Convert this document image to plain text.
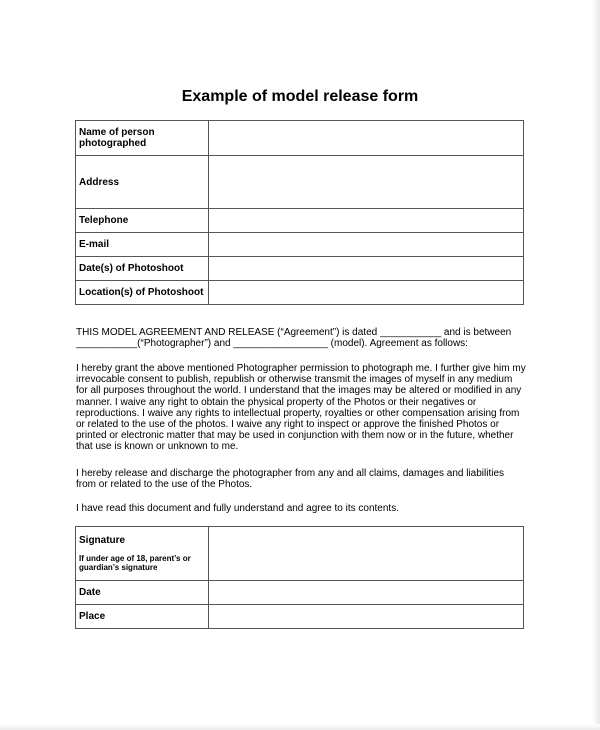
Example of model release form
Name of person photographed	
Address	
Telephone	
E-mail	
Date(s) of Photoshoot	
Location(s) of Photoshoot	

THIS MODEL AGREEMENT AND RELEASE (“Agreement”) is dated ___________ and is between ___________(“Photographer”) and _________________ (model). Agreement as follows:

I hereby grant the above mentioned Photographer permission to photograph me. I further give him my irrevocable consent to publish, republish or otherwise transmit the images of myself in any medium for all purposes throughout the world. I understand that the images may be altered or modified in any manner. I waive any right to obtain the physical property of the Photos or their negatives or reproductions. I waive any rights to intellectual property, royalties or other compensation arising from or related to the use of the photos. I waive any right to inspect or approve the finished Photos or printed or electronic matter that may be used in conjunction with them now or in the future, whether that use is known or unknown to me.

I hereby release and discharge the photographer from any and all claims, damages and liabilities from or related to the use of the Photos.

I have read this document and fully understand and agree to its contents.

Signature
If under age of 18, parent’s or guardian’s signature	

Date	
Place	
